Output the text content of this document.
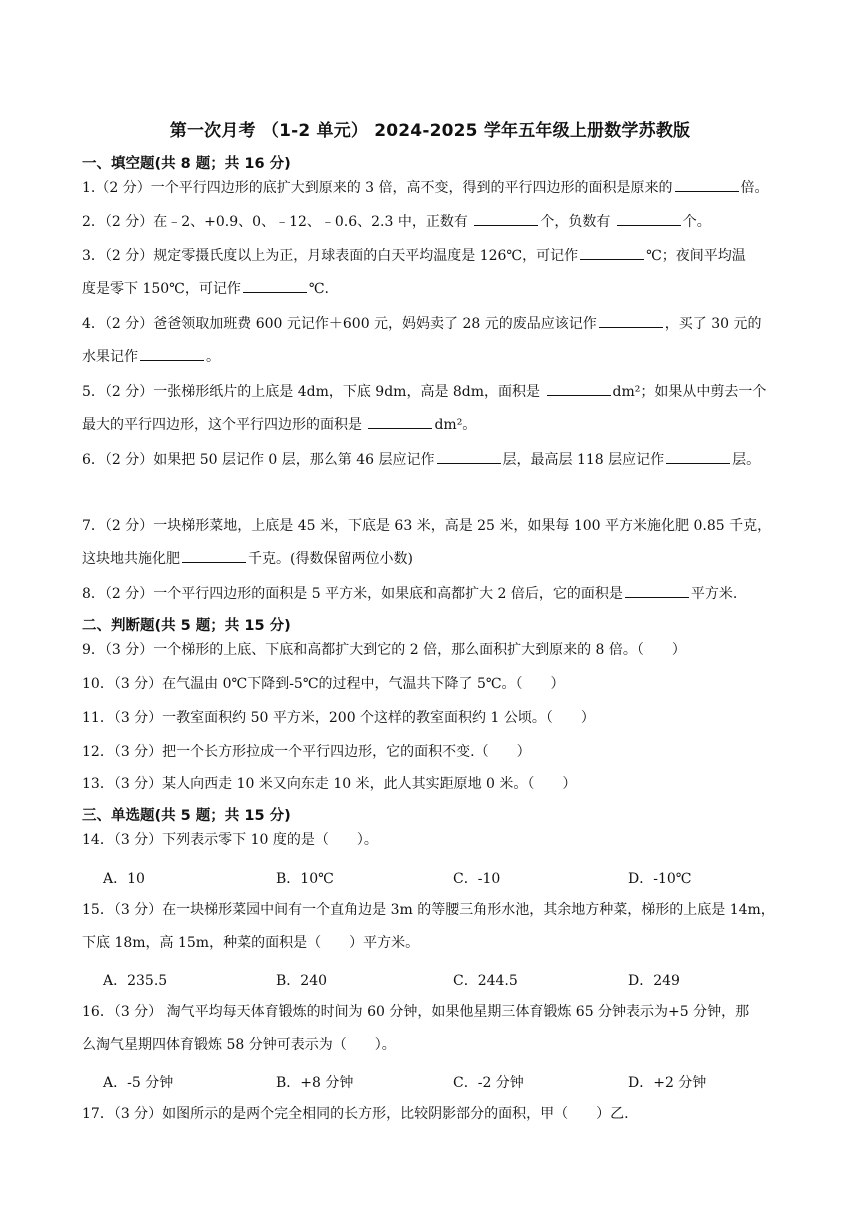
第一次月考 （1-2 单元） 2024-2025 学年五年级上册数学苏教版
一、填空题(共 8 题；共 16 分)
1.（2 分）一个平行四边形的底扩大到原来的 3 倍，高不变，得到的平行四边形的面积是原来的	倍。
2．（2 分）在﹣2、+0.9、0、﹣12、﹣0.6、2.3 中，正数有	个，负数有	个。
3．（2 分）规定零摄氏度以上为正，月球表面的白天平均温度是 126℃，可记作	℃；夜间平均温
度是零下 150℃，可记作	℃.
4．（2 分）爸爸领取加班费 600 元记作＋600 元，妈妈卖了 28 元的废品应该记作	，买了 30 元的
水果记作	。
5．（2 分）一张梯形纸片的上底是 4dm，下底 9dm，高是 8dm，面积是	dm²；如果从中剪去一个
最大的平行四边形，这个平行四边形的面积是	dm²。
6．（2 分）如果把 50 层记作 0 层，那么第 46 层应记作	层，最高层 118 层应记作	层。
7．（2 分）一块梯形菜地，上底是 45 米，下底是 63 米，高是 25 米，如果每 100 平方米施化肥 0.85 千克，
这块地共施化肥	千克。(得数保留两位小数)
8．（2 分）一个平行四边形的面积是 5 平方米，如果底和高都扩大 2 倍后，它的面积是	平方米.
二、判断题(共 5 题；共 15 分)
9．（3 分）一个梯形的上底、下底和高都扩大到它的 2 倍，那么面积扩大到原来的 8 倍。（　　）
10．（3 分）在气温由 0℃下降到-5℃的过程中，气温共下降了 5℃。（　　）
11．（3 分）一教室面积约 50 平方米，200 个这样的教室面积约 1 公顷。（　　）
12．（3 分）把一个长方形拉成一个平行四边形，它的面积不变.（　　）
13．（3 分）某人向西走 10 米又向东走 10 米，此人其实距原地 0 米。（　　）
三、单选题(共 5 题；共 15 分)
14．（3 分）下列表示零下 10 度的是（　　）。
A．10	B．10℃	C．-10	D．-10℃
15．（3 分）在一块梯形菜园中间有一个直角边是 3m 的等腰三角形水池，其余地方种菜，梯形的上底是 14m，
下底 18m，高 15m，种菜的面积是（　　）平方米。
A．235.5	B．240	C．244.5	D．249
16．（3 分） 淘气平均每天体育锻炼的时间为 60 分钟，如果他星期三体育锻炼 65 分钟表示为+5 分钟，那
么淘气星期四体育锻炼 58 分钟可表示为（　　）。
A．-5 分钟	B．+8 分钟	C．-2 分钟	D．+2 分钟
17．（3 分）如图所示的是两个完全相同的长方形，比较阴影部分的面积，甲（　　）乙.
